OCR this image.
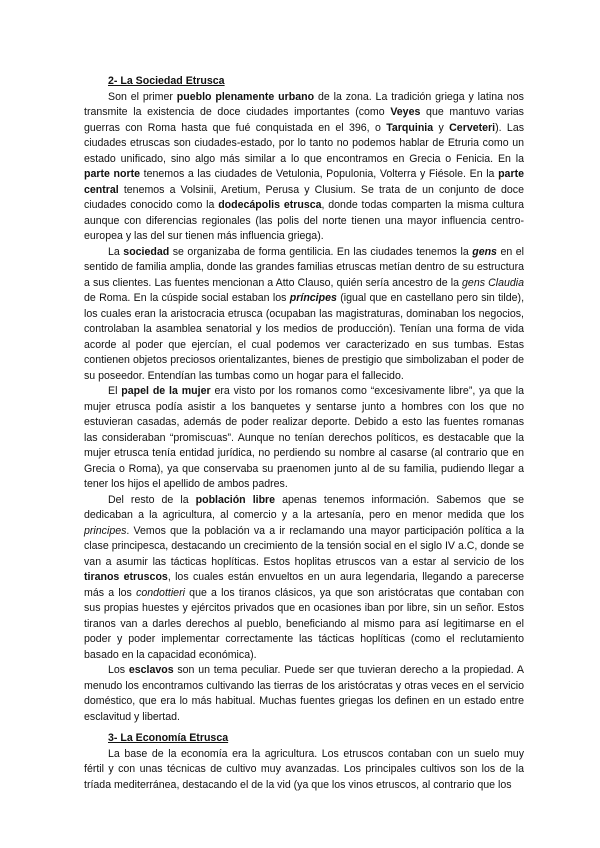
2- La Sociedad Etrusca

Son el primer pueblo plenamente urbano de la zona. La tradición griega y latina nos transmite la existencia de doce ciudades importantes (como Veyes que mantuvo varias guerras con Roma hasta que fué conquistada en el 396, o Tarquinia y Cerveteri). Las ciudades etruscas son ciudades-estado, por lo tanto no podemos hablar de Etruria como un estado unificado, sino algo más similar a lo que encontramos en Grecia o Fenicia. En la parte norte tenemos a las ciudades de Vetulonia, Populonia, Volterra y Fiésole. En la parte central tenemos a Volsinii, Aretium, Perusa y Clusium. Se trata de un conjunto de doce ciudades conocido como la dodecápolis etrusca, donde todas comparten la misma cultura aunque con diferencias regionales (las polis del norte tienen una mayor influencia centro-europea y las del sur tienen más influencia griega).

La sociedad se organizaba de forma gentilicia. En las ciudades tenemos la gens en el sentido de familia amplia, donde las grandes familias etruscas metían dentro de su estructura a sus clientes. Las fuentes mencionan a Atto Clauso, quién sería ancestro de la gens Claudia de Roma. En la cúspide social estaban los príncipes (igual que en castellano pero sin tilde), los cuales eran la aristocracia etrusca (ocupaban las magistraturas, dominaban los negocios, controlaban la asamblea senatorial y los medios de producción). Tenían una forma de vida acorde al poder que ejercían, el cual podemos ver caracterizado en sus tumbas. Estas contienen objetos preciosos orientalizantes, bienes de prestigio que simbolizaban el poder de su poseedor. Entendían las tumbas como un hogar para el fallecido.

El papel de la mujer era visto por los romanos como “excesivamente libre”, ya que la mujer etrusca podía asistir a los banquetes y sentarse junto a hombres con los que no estuvieran casadas, además de poder realizar deporte. Debido a esto las fuentes romanas las consideraban “promiscuas”. Aunque no tenían derechos políticos, es destacable que la mujer etrusca tenía entidad jurídica, no perdiendo su nombre al casarse (al contrario que en Grecia o Roma), ya que conservaba su praenomen junto al de su familia, pudiendo llegar a tener los hijos el apellido de ambos padres.

Del resto de la población libre apenas tenemos información. Sabemos que se dedicaban a la agricultura, al comercio y a la artesanía, pero en menor medida que los principes. Vemos que la población va a ir reclamando una mayor participación política a la clase principesca, destacando un crecimiento de la tensión social en el siglo IV a.C, donde se van a asumir las tácticas hoplíticas. Estos hoplitas etruscos van a estar al servicio de los tiranos etruscos, los cuales están envueltos en un aura legendaria, llegando a parecerse más a los condottieri que a los tiranos clásicos, ya que son aristócratas que contaban con sus propias huestes y ejércitos privados que en ocasiones iban por libre, sin un señor. Estos tiranos van a darles derechos al pueblo, beneficiando al mismo para así legitimarse en el poder y poder implementar correctamente las tácticas hoplíticas (como el reclutamiento basado en la capacidad económica).

Los esclavos son un tema peculiar. Puede ser que tuvieran derecho a la propiedad. A menudo los encontramos cultivando las tierras de los aristócratas y otras veces en el servicio doméstico, que era lo más habitual. Muchas fuentes griegas los definen en un estado entre esclavitud y libertad.

3- La Economía Etrusca

La base de la economía era la agricultura. Los etruscos contaban con un suelo muy fértil y con unas técnicas de cultivo muy avanzadas. Los principales cultivos son los de la tríada mediterránea, destacando el de la vid (ya que los vinos etruscos, al contrario que los
